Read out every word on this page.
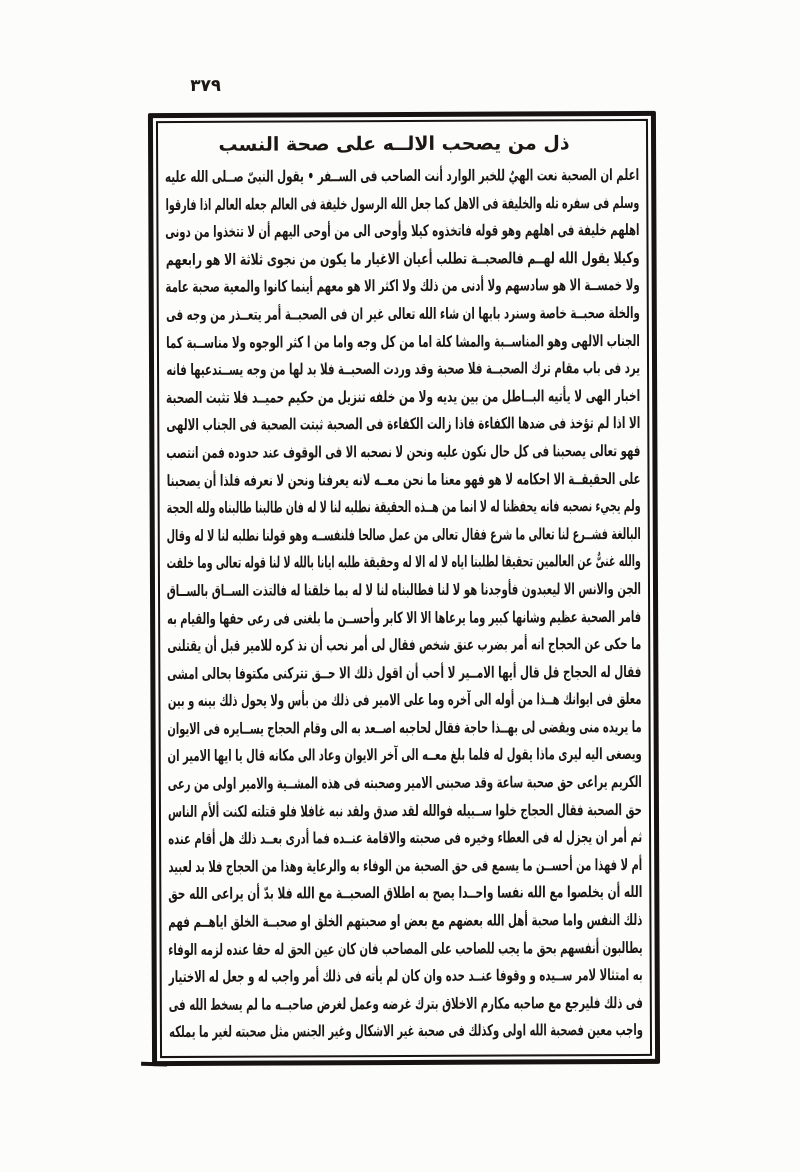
٣٧٩
ذل من يصحب الالــه على صحة النسب
اعلم ان الصحبة نعت الهيٌ للخبر الوارد أنت الصاحب فى الســفر • يقول النبىّ صــلى الله عليه
وسلم فى سفره تله والخليفة فى الاهل كما جعل الله الرسول خليفة فى العالم جعله العالم اذا فارقوا
اهلهم خليفة فى اهلهم وهو قوله فاتخذوه كيلا وأوحى الى من أوحى اليهم أن لا تتخذوا من دونى
وكيلا يقول الله لهــم فالصحبــة تطلب أعيان الاغيار ما يكون من نجوى ثلاثة الا هو رابعهم
ولا خمســة الا هو سادسهم ولا أدنى من ذلك ولا اكثر الا هو معهم أينما كانوا والمعية صحبة عامة
والخلة صحبــة خاصة وسنرد بابها ان شاء الله تعالى غير ان فى الصحبــة أمر يتعــذر من وجه فى
الجناب الالهى وهو المناســبة والمشا كلة اما من كل وجه واما من ا كثر الوجوه ولا مناســبة كما
يرد فى باب مقام ترك الصحبــة فلا صحبة وقد وردت الصحبــة فلا بد لها من وجه يســتدعيها فانه
اخبار الهى لا يأتيه البــاطل من بين يديه ولا من خلفه تنزيل من حكيم حميــد فلا تثبت الصحبة
الا اذا لم تؤخذ فى ضدها الكفاءة فاذا زالت الكفاءة فى الصحبة ثبتت الصحبة فى الجناب الالهى
فهو تعالى يصحبنا فى كل حال نكون عليه ونحن لا نصحبه الا فى الوقوف عند حدوده فمن انتصب
على الحقيقــة الا احكامه لا هو فهو معنا ما نحن معــه لانه يعرفنا ونحن لا نعرفه فلذا أن يصحبنا
ولم يجيء نصحبه فانه يحفظنا له لا انما من هــذه الحقيقة نطلبه لنا لا له فان طالبنا طالبناه ولله الحجة
البالغة فشــرع لنا تعالى ما شرع فقال تعالى من عمل صالحا فلنفســه وهو قولنا نطلبه لنا لا له وقال
والله غنىٌّ عن العالمين تحقيقا لطلبنا اياه لا له الا له وحقيقة طلبه ايانا بالله لا لنا قوله تعالى وما خلقت
الجن والانس الا ليعبدون فأوجدنا هو لا لنا فطالبناه لنا لا له بما خلقنا له فالتذت الســاق بالســاق
فامر الصحبة عظيم وشانها كبير وما يرعاها الا الا كابر وأحســن ما بلغنى فى رعى حقها والقيام به
ما حكى عن الحجاج انه أمر بضرب عنق شخص فقال لى أمر نحب أن نذ كره للامير قبل أن يقتلنى
فقال له الحجاج قل قال أيها الامــير لا أحب أن اقول ذلك الا حــق تتركنى مكتوفا بحالى امشى
معلق فى ايوانك هــذا من أوله الى آخره وما على الامير فى ذلك من بأس ولا يحول ذلك بينه و بين
ما يريده منى ويقضى لى بهــذا حاجة فقال لحاجبه اصــعد به الى وقام الحجاج يســايره فى الايوان
ويصغى اليه ليرى ماذا يقول له فلما بلغ معــه الى آخر الايوان وعاد الى مكانه قال يا ايها الامير ان
الكريم يراعى حق صحبة ساعة وقد صحبنى الامير وصحبته فى هذه المشــية والامير اولى من رعى
حق الصحبة فقال الحجاج خلوا ســبيله فوالله لقد صدق ولقد نبه غافلا فلو قتلته لكنت ألأم الناس
ثم أمر ان يجزل له فى العطاء وخيره فى صحبته والاقامة عنــده فما أدرى بعــد ذلك هل أقام عنده
أم لا فهذا من أحســن ما يسمع فى حق الصحبة من الوفاء به والرعاية وهذا من الحجاج فلا بد لعبيد
الله أن يخلصوا مع الله نفسا واحــدا يصح به اطلاق الصحبــة مع الله فلا بدّ أن يراعى الله حق
ذلك النفس واما صحبة أهل الله بعضهم مع بعض او صحبتهم الخلق او صحبــة الخلق اياهــم فهم
يطالبون أنفسهم بحق ما يجب للصاحب على المصاحب فان كان عين الحق له حقا عنده لزمه الوفاء
به امتثالا لامر ســيده و وقوفا عنــد حده وان كان لم يأته فى ذلك أمر واجب له و جعل له الاختيار
فى ذلك فليرجع مع صاحبه مكارم الاخلاق بترك غرضه وعمل لغرض صاحبــه ما لم يسخط الله فى
واجب معين فصحبة الله اولى وكذلك فى صحبة غير الاشكال وغير الجنس مثل صحبته لغير ما يملكه
